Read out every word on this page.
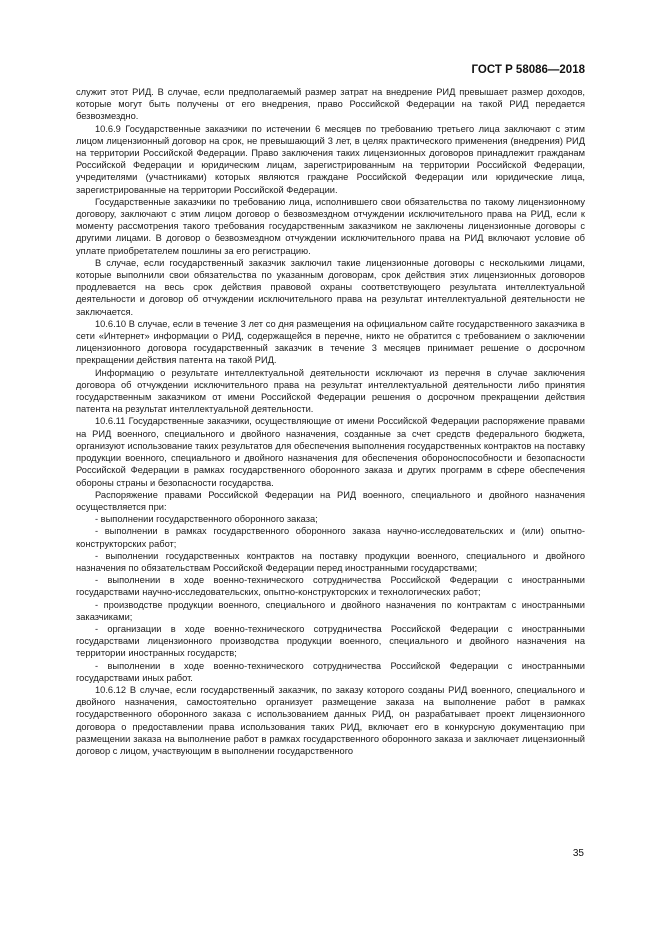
ГОСТ Р 58086—2018

служит этот РИД. В случае, если предполагаемый размер затрат на внедрение РИД превышает размер доходов, которые могут быть получены от его внедрения, право Российской Федерации на такой РИД передается безвозмездно.

10.6.9 Государственные заказчики по истечении 6 месяцев по требованию третьего лица заключают с этим лицом лицензионный договор на срок, не превышающий 3 лет, в целях практического применения (внедрения) РИД на территории Российской Федерации. Право заключения таких лицензионных договоров принадлежит гражданам Российской Федерации и юридическим лицам, зарегистрированным на территории Российской Федерации, учредителями (участниками) которых являются граждане Российской Федерации или юридические лица, зарегистрированные на территории Российской Федерации.

Государственные заказчики по требованию лица, исполнившего свои обязательства по такому лицензионному договору, заключают с этим лицом договор о безвозмездном отчуждении исключительного права на РИД, если к моменту рассмотрения такого требования государственным заказчиком не заключены лицензионные договоры с другими лицами. В договор о безвозмездном отчуждении исключительного права на РИД включают условие об уплате приобретателем пошлины за его регистрацию.

В случае, если государственный заказчик заключил такие лицензионные договоры с несколькими лицами, которые выполнили свои обязательства по указанным договорам, срок действия этих лицензионных договоров продлевается на весь срок действия правовой охраны соответствующего результата интеллектуальной деятельности и договор об отчуждении исключительного права на результат интеллектуальной деятельности не заключается.

10.6.10 В случае, если в течение 3 лет со дня размещения на официальном сайте государственного заказчика в сети «Интернет» информации о РИД, содержащейся в перечне, никто не обратится с требованием о заключении лицензионного договора государственный заказчик в течение 3 месяцев принимает решение о досрочном прекращении действия патента на такой РИД.

Информацию о результате интеллектуальной деятельности исключают из перечня в случае заключения договора об отчуждении исключительного права на результат интеллектуальной деятельности либо принятия государственным заказчиком от имени Российской Федерации решения о досрочном прекращении действия патента на результат интеллектуальной деятельности.

10.6.11 Государственные заказчики, осуществляющие от имени Российской Федерации распоряжение правами на РИД военного, специального и двойного назначения, созданные за счет средств федерального бюджета, организуют использование таких результатов для обеспечения выполнения государственных контрактов на поставку продукции военного, специального и двойного назначения для обеспечения обороноспособности и безопасности Российской Федерации в рамках государственного оборонного заказа и других программ в сфере обеспечения обороны страны и безопасности государства.

Распоряжение правами Российской Федерации на РИД военного, специального и двойного назначения осуществляется при:

- выполнении государственного оборонного заказа;

- выполнении в рамках государственного оборонного заказа научно-исследовательских и (или) опытно-конструкторских работ;

- выполнении государственных контрактов на поставку продукции военного, специального и двойного назначения по обязательствам Российской Федерации перед иностранными государствами;

- выполнении в ходе военно-технического сотрудничества Российской Федерации с иностранными государствами научно-исследовательских, опытно-конструкторских и технологических работ;

- производстве продукции военного, специального и двойного назначения по контрактам с иностранными заказчиками;

- организации в ходе военно-технического сотрудничества Российской Федерации с иностранными государствами лицензионного производства продукции военного, специального и двойного назначения на территории иностранных государств;

- выполнении в ходе военно-технического сотрудничества Российской Федерации с иностранными государствами иных работ.

10.6.12 В случае, если государственный заказчик, по заказу которого созданы РИД военного, специального и двойного назначения, самостоятельно организует размещение заказа на выполнение работ в рамках государственного оборонного заказа с использованием данных РИД, он разрабатывает проект лицензионного договора о предоставлении права использования таких РИД, включает его в конкурсную документацию при размещении заказа на выполнение работ в рамках государственного оборонного заказа и заключает лицензионный договор с лицом, участвующим в выполнении государственного

35
